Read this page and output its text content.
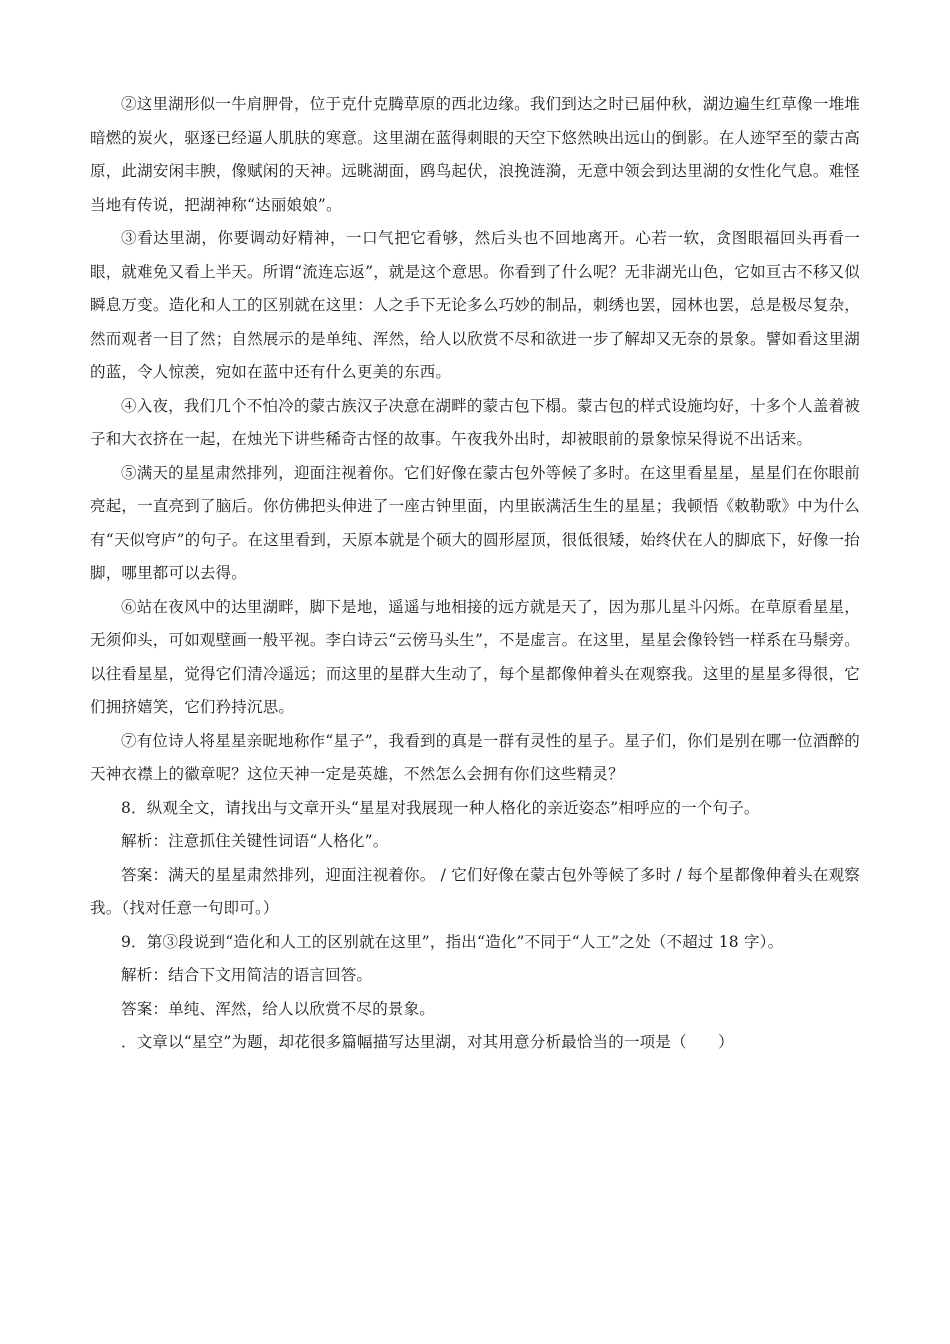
②这里湖形似一牛肩胛骨，位于克什克腾草原的西北边缘。我们到达之时已届仲秋，湖边遍生红草像一堆堆暗燃的炭火，驱逐已经逼人肌肤的寒意。这里湖在蓝得刺眼的天空下悠然映出远山的倒影。在人迹罕至的蒙古高原，此湖安闲丰腴，像赋闲的天神。远眺湖面，鸥鸟起伏，浪挽涟漪，无意中领会到达里湖的女性化气息。难怪当地有传说，把湖神称“达丽娘娘”。

③看达里湖，你要调动好精神，一口气把它看够，然后头也不回地离开。心若一软，贪图眼福回头再看一眼，就难免又看上半天。所谓“流连忘返”，就是这个意思。你看到了什么呢？无非湖光山色，它如亘古不移又似瞬息万变。造化和人工的区别就在这里：人之手下无论多么巧妙的制品，刺绣也罢，园林也罢，总是极尽复杂，然而观者一目了然；自然展示的是单纯、浑然，给人以欣赏不尽和欲进一步了解却又无奈的景象。譬如看这里湖的蓝，令人惊羡，宛如在蓝中还有什么更美的东西。

④入夜，我们几个不怕冷的蒙古族汉子决意在湖畔的蒙古包下榻。蒙古包的样式设施均好，十多个人盖着被子和大衣挤在一起，在烛光下讲些稀奇古怪的故事。午夜我外出时，却被眼前的景象惊呆得说不出话来。

⑤满天的星星肃然排列，迎面注视着你。它们好像在蒙古包外等候了多时。在这里看星星，星星们在你眼前亮起，一直亮到了脑后。你仿佛把头伸进了一座古钟里面，内里嵌满活生生的星星；我顿悟《敕勒歌》中为什么有“天似穹庐”的句子。在这里看到，天原本就是个硕大的圆形屋顶，很低很矮，始终伏在人的脚底下，好像一抬脚，哪里都可以去得。

⑥站在夜风中的达里湖畔，脚下是地，遥遥与地相接的远方就是天了，因为那儿星斗闪烁。在草原看星星，无须仰头，可如观壁画一般平视。李白诗云“云傍马头生”，不是虚言。在这里，星星会像铃铛一样系在马鬃旁。以往看星星，觉得它们清冷遥远；而这里的星群大生动了，每个星都像伸着头在观察我。这里的星星多得很，它们拥挤嬉笑，它们矜持沉思。

⑦有位诗人将星星亲昵地称作“星子”，我看到的真是一群有灵性的星子。星子们，你们是别在哪一位酒醉的天神衣襟上的徽章呢？这位天神一定是英雄，不然怎么会拥有你们这些精灵？

8．纵观全文，请找出与文章开头“星星对我展现一种人格化的亲近姿态”相呼应的一个句子。

解析：注意抓住关键性词语“人格化”。

答案：满天的星星肃然排列，迎面注视着你。 / 它们好像在蒙古包外等候了多时 / 每个星都像伸着头在观察我。（找对任意一句即可。）

9．第③段说到“造化和人工的区别就在这里”，指出“造化”不同于“人工”之处（不超过 18 字）。

解析：结合下文用简洁的语言回答。

答案：单纯、浑然，给人以欣赏不尽的景象。

．文章以“星空”为题，却花很多篇幅描写达里湖，对其用意分析最恰当的一项是（　　）
